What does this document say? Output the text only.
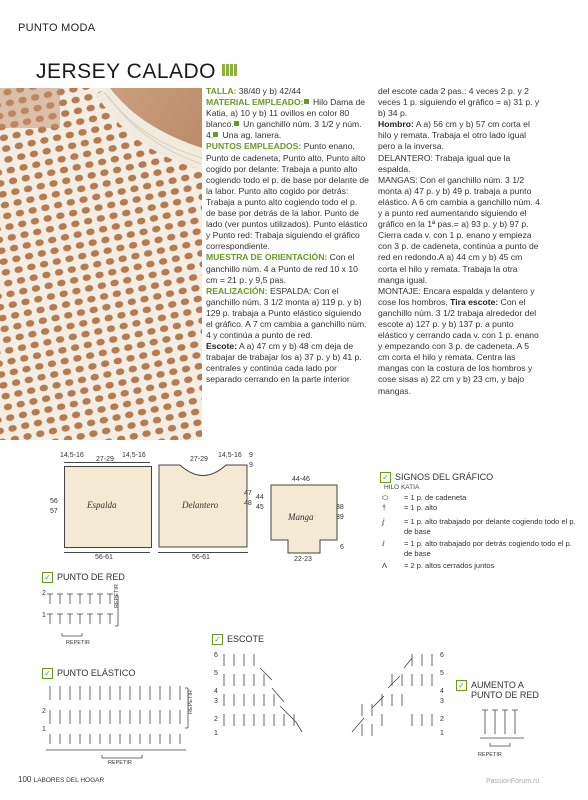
PUNTO MODA
JERSEY CALADO

TALLA: 38/40 y b) 42/44

MATERIAL EMPLEADO: Hilo Dama de Katia, a) 10 y b) 11 ovillos en color 80 blanco. Un ganchillo núm. 3 1/2 y núm. 4. Una ag. lanera.

PUNTOS EMPLEADOS: Punto enano, Punto de cadeneta, Punto alto, Punto alto cogido por delante: Trabaja a punto alto cogiendo todo el p. de base por delante de la labor. Punto alto cogido por detrás: Trabaja a punto alto cogiendo todo el p. de base por detrás de la labor. Punto de lado (ver puntos utilizados). Punto elástico y Punto red: Trabaja siguiendo el gráfico correspondiente.

MUESTRA DE ORIENTACIÓN: Con el ganchillo núm. 4 a Punto de red 10 x 10 cm = 21 p. y 9,5 pas.

REALIZACIÓN: ESPALDA: Con el ganchillo núm. 3 1/2 monta a) 119 p. y b) 129 p. trabaja a Punto elástico siguiendo el gráfico. A 7 cm cambia a ganchillo núm. 4 y continúa a punto de red.

Escote: A a) 47 cm y b) 48 cm deja de trabajar de trabajar los a) 37 p. y b) 41 p. centrales y continúa cada lado por separado cerrando en la parte interior

del escote cada 2 pas.: 4 veces 2 p. y 2 veces 1 p. siguiendo el gráfico = a) 31 p. y b) 34 p.

Hombro: A a) 56 cm y b) 57 cm corta el hilo y remata. Trabaja el otro lado igual pero a la inversa.

DELANTERO: Trabaja igual que la espalda.

MANGAS: Con el ganchillo núm. 3 1/2 monta a) 47 p. y b) 49 p. trabaja a punto elástico. A 6 cm cambia a ganchillo núm. 4 y a punto red aumentando siguiendo el gráfico en la 1ª pas.= a) 93 p. y b) 97 p. Cierra cada v. con 1 p. enano y empieza con 3 p. de cadeneta, continúa a punto de red en redondo.A a) 44 cm y b) 45 cm corta el hilo y remata. Trabaja la otra manga igual.

MONTAJE: Encara espalda y delantero y cose los hombros. Tira escote: Con el ganchillo núm. 3 1/2 trabaja alrededor del escote a) 127 p. y b) 137 p. a punto elástico y cerrando cada v. con 1 p. enano y empezando con 3 p. de cadeneta. A 5 cm corta el hilo y remata. Centra las mangas con la costura de los hombros y cose sisas a) 22 cm y b) 23 cm, y bajo mangas.

14,5-16
27-29
14,5-16
Espalda
56
57
56-61
27-29
14,5-16
Delantero
47
48
44
45
9
9
56-61
44-46
Manga
38
39
6
22-23
✓ SIGNOS DEL GRÁFICO
HILO KATIA
⬭	= 1 p. de cadeneta
†	= 1 p. alto
ⅉ	= 1 p. alto trabajado por delante cogiendo todo el p. de base
ⅈ	= 1 p. alto trabajado por detrás cogiendo todo el p. de base
Λ	= 2 p. altos cerrados juntos
✓ PUNTO DE RED
2
1
REPETIR
REPETIR
✓ PUNTO ELÁSTICO
2
1
REPETIR
REPETIR
✓ ESCOTE
6
5
4
3
2
1
6
5
4
3
2
1
✓ AUMENTO A PUNTO DE RED
REPETIR
100 LABORES DEL HOGAR	PassionForum.ru
